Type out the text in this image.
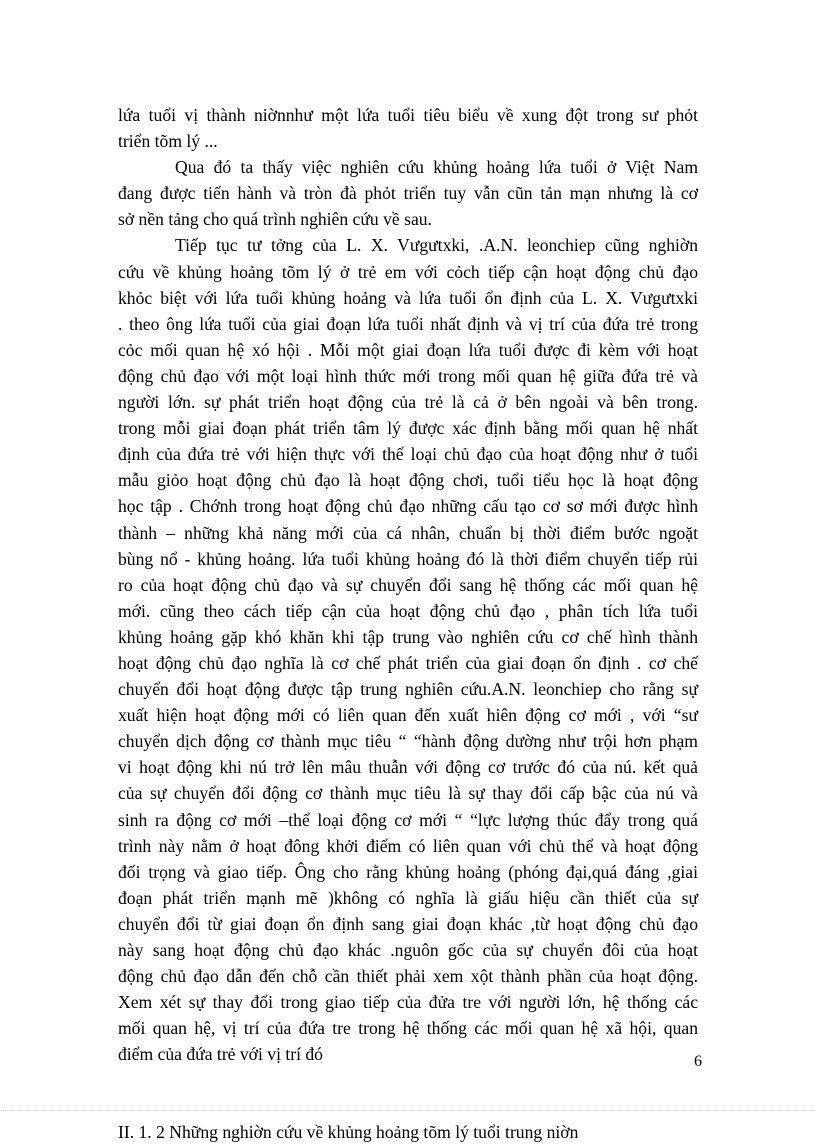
lứa tuổi vị thành niờnnhư một lứa tuổi tiêu biểu về xung đột trong sư phỏt
triển tõm lý ...
Qua đó ta thấy việc nghiên cứu khủng hoảng lứa tuổi ở Việt Nam
đang được tiến hành và tròn đà phỏt triển tuy vẫn cũn tản mạn nhưng là cơ
sở nền tảng cho quá trình nghiên cứu về sau.
Tiếp tục tư tởng của L. X. Vưgưtxki, .A.N. leonchiep cũng nghiờn
cứu về khủng hoảng tõm lý ở trẻ em với cỏch tiếp cận hoạt động chủ đạo
khỏc biệt với lứa tuổi khủng hoảng và lứa tuổi ổn định của L. X. Vưgưtxki
. theo ông lứa tuổi của giai đoạn lứa tuổi nhất định và vị trí của đứa trẻ trong
cỏc mối quan hệ xó hội . Mỗi một giai đoạn lứa tuổi được đi kèm với hoạt
động chủ đạo với một loại hình thức mới trong mối quan hệ giữa đứa trẻ và
người lớn. sự phát triển hoạt động của trẻ là cả ở bên ngoài và bên trong.
trong mỗi giai đoạn phát triển tâm lý được xác định bằng mối quan hệ nhất
định của đứa trẻ với hiện thực với thể loại chủ đạo của hoạt động như ở tuổi
mẫu giỏo hoạt động chủ đạo là hoạt động chơi, tuổi tiểu học là hoạt động
học tập . Chớnh trong hoạt động chủ đạo những cấu tạo cơ sơ mới được hình
thành – những khả năng mới của cá nhân, chuẩn bị thời điểm bước ngoặt
bùng nổ - khủng hoảng. lứa tuổi khủng hoảng đó là thời điểm chuyển tiếp rủi
ro của hoạt động chủ đạo và sự chuyển đổi sang hệ thống các mối quan hệ
mới. cũng theo cách tiếp cận của hoạt động chủ đạo , phân tích lứa tuổi
khủng hoảng gặp khó khăn khi tập trung vào nghiên cứu cơ chế hình thành
hoạt động chủ đạo nghĩa là cơ chế phát triển của giai đoạn ổn định . cơ chế
chuyển đổi hoạt động được tập trung nghiên cứu.A.N. leonchiep cho rằng sự
xuất hiện hoạt động mới có liên quan đến xuất hiên động cơ mới , với “sư
chuyển dịch động cơ thành mục tiêu “ “hành động dường như trội hơn phạm
vi hoạt động khi nú trở lên mâu thuẫn với động cơ trước đó của nú. kết quả
của sự chuyển đổi động cơ thành mục tiêu là sự thay đổi cấp bậc của nú và
sinh ra động cơ mới –thể loại động cơ mới “ “lực lượng thúc đẩy trong quá
trình này nằm ở hoạt đông khởi điểm có liên quan với chủ thể và hoạt động
đối trọng và giao tiếp. Ông cho rằng khủng hoảng (phóng đại,quá đáng ,giai
đoạn phát triển mạnh mẽ )không có nghĩa là giấu hiệu cần thiết của sự
chuyển đổi từ giai đoạn ổn định sang giai đoạn khác ,từ hoạt động chủ đạo
này sang hoạt động chủ đạo khác .nguôn gốc của sự chuyển đôi của hoạt
động chủ đạo dẫn đến chỗ cần thiết phải xem xột thành phần của hoạt động.
Xem xét sự thay đổi trong giao tiếp của đửa tre với người lớn, hệ thống các
mối quan hệ, vị trí của đứa tre trong hệ thống các mối quan hệ xã hội, quan
điểm của đứa trẻ với vị trí đó
II. 1. 2 Những nghiờn cứu về khủng hoảng tõm lý tuổi trung niờn
6
